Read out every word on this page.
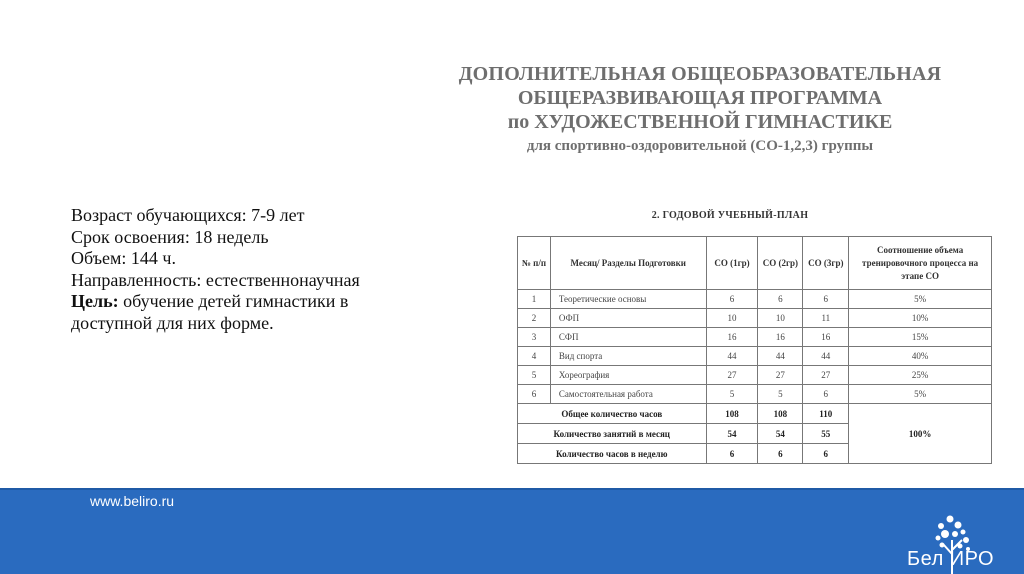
ДОПОЛНИТЕЛЬНАЯ ОБЩЕОБРАЗОВАТЕЛЬНАЯ
ОБЩЕРАЗВИВАЮЩАЯ ПРОГРАММА
по ХУДОЖЕСТВЕННОЙ ГИМНАСТИКЕ
для спортивно-оздоровительной (СО-1,2,3) группы
Возраст обучающихся: 7-9 лет
Срок освоения: 18 недель
Объем: 144 ч.
Направленность: естественнонаучная
Цель: обучение детей гимнастики в
доступной для них форме.
2. ГОДОВОЙ УЧЕБНЫЙ-ПЛАН
№ п/п	Месяц/ Разделы Подготовки	СО (1гр)	СО (2гр)	СО (3гр)	Соотношение объема тренировочного процесса на этапе СО
1	Теоретические основы	6	6	6	5%
2	ОФП	10	10	11	10%
3	СФП	16	16	16	15%
4	Вид спорта	44	44	44	40%
5	Хореография	27	27	27	25%
6	Самостоятельная работа	5	5	6	5%
Общее количество часов		108	108	110	100%
Количество занятий в месяц		54	54	55	
Количество часов в неделю		6	6	6	
www.beliro.ru
Бел ИРО
